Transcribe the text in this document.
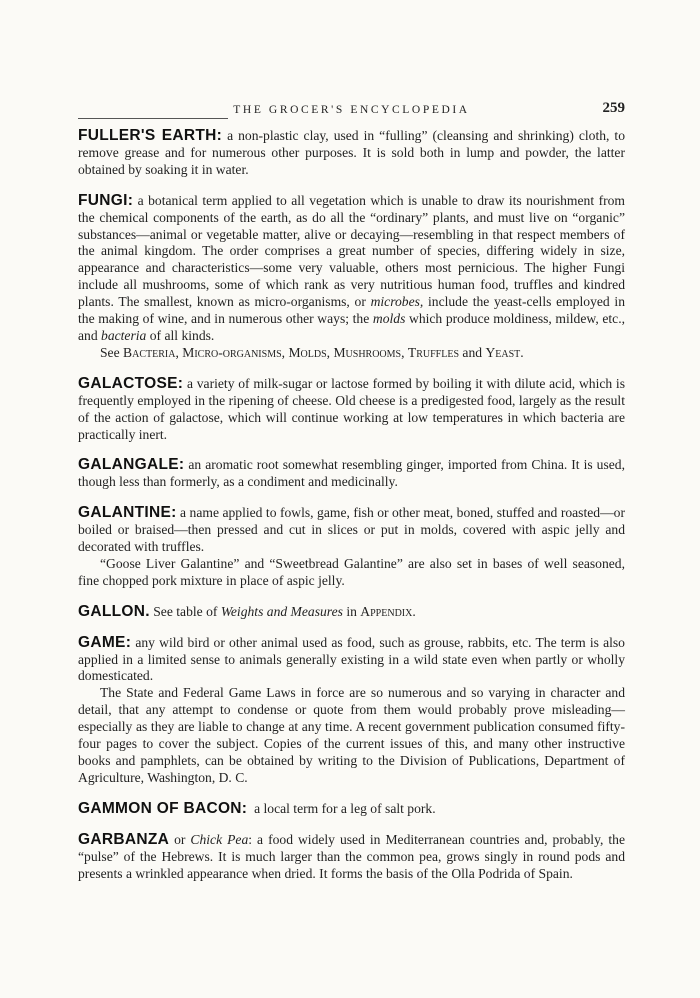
THE GROCER'S ENCYCLOPEDIA	259

FULLER'S EARTH: a non-plastic clay, used in “fulling” (cleansing and shrinking) cloth, to remove grease and for numerous other purposes. It is sold both in lump and powder, the latter obtained by soaking it in water.

FUNGI: a botanical term applied to all vegetation which is unable to draw its nourishment from the chemical components of the earth, as do all the “ordinary” plants, and must live on “organic” substances—animal or vegetable matter, alive or decaying—resembling in that respect members of the animal kingdom. The order comprises a great number of species, differing widely in size, appearance and characteristics—some very valuable, others most pernicious. The higher Fungi include all mushrooms, some of which rank as very nutritious human food, truffles and kindred plants. The smallest, known as micro-organisms, or microbes, include the yeast-cells employed in the making of wine, and in numerous other ways; the molds which produce moldiness, mildew, etc., and bacteria of all kinds.

See Bacteria, Micro-organisms, Molds, Mushrooms, Truffles and Yeast.

GALACTOSE: a variety of milk-sugar or lactose formed by boiling it with dilute acid, which is frequently employed in the ripening of cheese. Old cheese is a predigested food, largely as the result of the action of galactose, which will continue working at low temperatures in which bacteria are practically inert.

GALANGALE: an aromatic root somewhat resembling ginger, imported from China. It is used, though less than formerly, as a condiment and medicinally.

GALANTINE: a name applied to fowls, game, fish or other meat, boned, stuffed and roasted—or boiled or braised—then pressed and cut in slices or put in molds, covered with aspic jelly and decorated with truffles.

“Goose Liver Galantine” and “Sweetbread Galantine” are also set in bases of well seasoned, fine chopped pork mixture in place of aspic jelly.

GALLON. See table of Weights and Measures in Appendix.

GAME: any wild bird or other animal used as food, such as grouse, rabbits, etc. The term is also applied in a limited sense to animals generally existing in a wild state even when partly or wholly domesticated.

The State and Federal Game Laws in force are so numerous and so varying in character and detail, that any attempt to condense or quote from them would probably prove misleading—especially as they are liable to change at any time. A recent government publication consumed fifty-four pages to cover the subject. Copies of the current issues of this, and many other instructive books and pamphlets, can be obtained by writing to the Division of Publications, Department of Agriculture, Washington, D. C.

GAMMON OF BACON: a local term for a leg of salt pork.

GARBANZA or Chick Pea: a food widely used in Mediterranean countries and, probably, the “pulse” of the Hebrews. It is much larger than the common pea, grows singly in round pods and presents a wrinkled appearance when dried. It forms the basis of the Olla Podrida of Spain.
